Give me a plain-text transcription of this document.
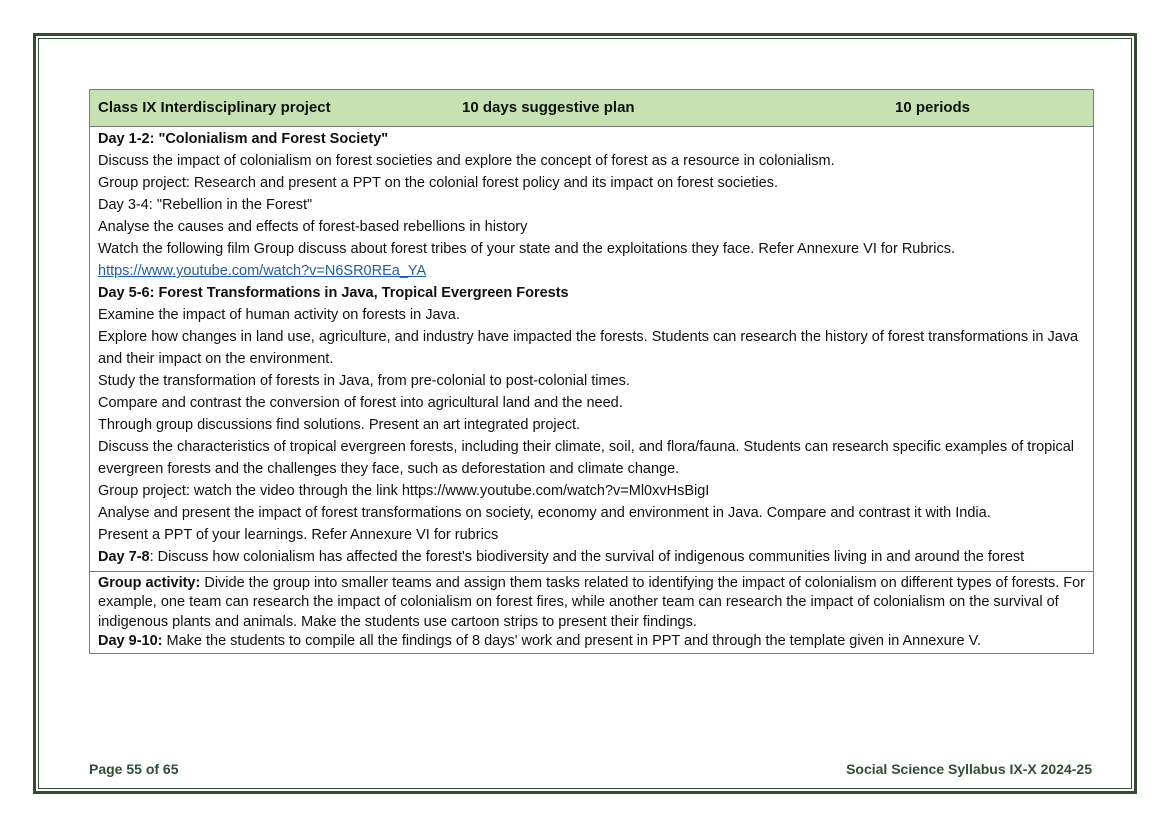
Class IX Interdisciplinary project	10 days suggestive plan	10 periods

Day 1-2: "Colonialism and Forest Society"

Discuss the impact of colonialism on forest societies and explore the concept of forest as a resource in colonialism.

Group project: Research and present a PPT on the colonial forest policy and its impact on forest societies.

Day 3-4: "Rebellion in the Forest"

Analyse the causes and effects of forest-based rebellions in history

Watch the following film Group discuss about forest tribes of your state and the exploitations they face. Refer Annexure VI for Rubrics.

https://www.youtube.com/watch?v=N6SR0REa_YA

Day 5-6: Forest Transformations in Java, Tropical Evergreen Forests

Examine the impact of human activity on forests in Java.

Explore how changes in land use, agriculture, and industry have impacted the forests. Students can research the history of forest transformations in Java and their impact on the environment.

Study the transformation of forests in Java, from pre-colonial to post-colonial times.

Compare and contrast the conversion of forest into agricultural land and the need.

Through group discussions find solutions. Present an art integrated project.

Discuss the characteristics of tropical evergreen forests, including their climate, soil, and flora/fauna. Students can research specific examples of tropical evergreen forests and the challenges they face, such as deforestation and climate change.

Group project: watch the video through the link https://www.youtube.com/watch?v=Ml0xvHsBigI

Analyse and present the impact of forest transformations on society, economy and environment in Java. Compare and contrast it with India.

Present a PPT of your learnings. Refer Annexure VI for rubrics

Day 7-8: Discuss how colonialism has affected the forest's biodiversity and the survival of indigenous communities living in and around the forest

Group activity: Divide the group into smaller teams and assign them tasks related to identifying the impact of colonialism on different types of forests. For example, one team can research the impact of colonialism on forest fires, while another team can research the impact of colonialism on the survival of indigenous plants and animals. Make the students use cartoon strips to present their findings.

Day 9-10: Make the students to compile all the findings of 8 days' work and present in PPT and through the template given in Annexure V.

Page 55 of 65	Social Science Syllabus IX-X 2024-25
